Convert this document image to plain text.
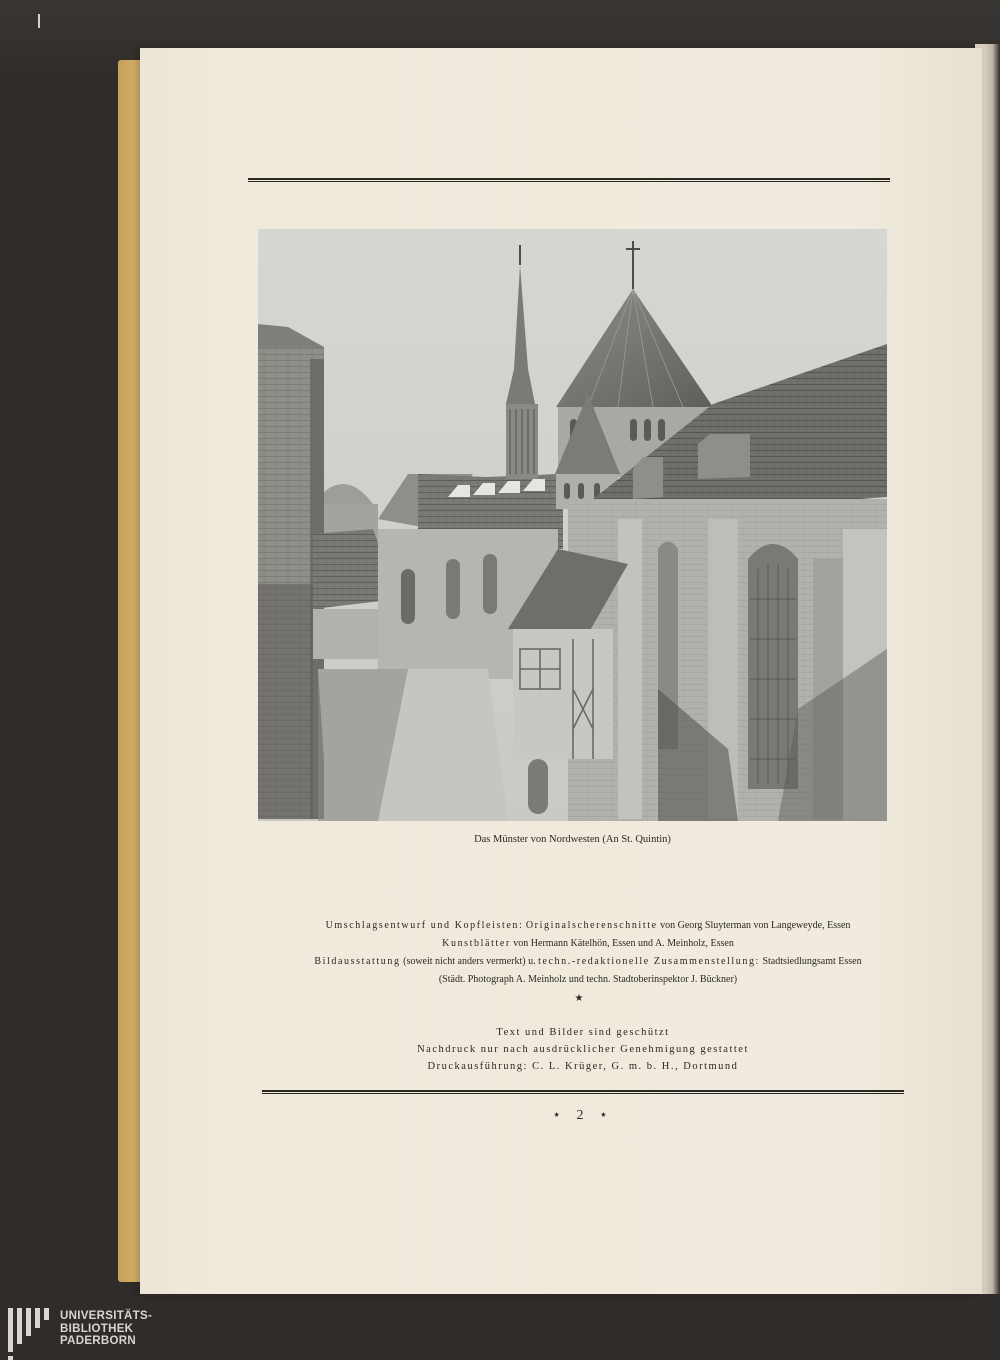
Das Münster von Nordwesten (An St. Quintin)
Umschlagsentwurf und Kopfleisten: Originalscherenschnitte von Georg Sluyterman von Langeweyde, Essen
Kunstblätter von Hermann Kätelhön, Essen und A. Meinholz, Essen
Bildausstattung (soweit nicht anders vermerkt) u. techn.-redaktionelle Zusammenstellung: Stadtsiedlungsamt Essen
(Städt. Photograph A. Meinholz und techn. Stadtoberinspektor J. Bückner)
★
Text und Bilder sind geschützt
Nachdruck nur nach ausdrücklicher Genehmigung gestattet
Druckausführung: C. L. Krüger, G. m. b. H., Dortmund
⋆ 2 ⋆
UNIVERSITÄTS-
BIBLIOTHEK
PADERBORN
